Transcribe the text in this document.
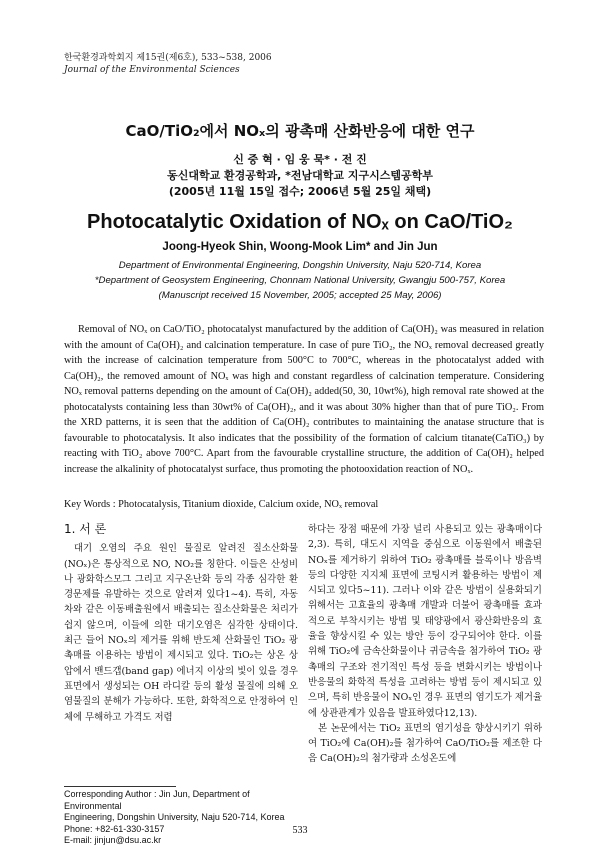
한국환경과학회지 제15권(제6호), 533~538, 2006
Journal of the Environmental Sciences
CaO/TiO₂에서 NOₓ의 광촉매 산화반응에 대한 연구
신 중 혁 · 임 웅 묵* · 전 진
동신대학교 환경공학과, *전남대학교 지구시스템공학부
(2005년 11월 15일 접수; 2006년 5월 25일 채택)
Photocatalytic Oxidation of NOₓ on CaO/TiO₂
Joong-Hyeok Shin, Woong-Mook Lim* and Jin Jun
Department of Environmental Engineering, Dongshin University, Naju 520-714, Korea
*Department of Geosystem Engineering, Chonnam National University, Gwangju 500-757, Korea
(Manuscript received 15 November, 2005; accepted 25 May, 2006)

Removal of NOₓ on CaO/TiO₂ photocatalyst manufactured by the addition of Ca(OH)₂ was measured in relation with the amount of Ca(OH)₂ and calcination temperature. In case of pure TiO₂, the NOₓ removal decreased greatly with the increase of calcination temperature from 500°C to 700°C, whereas in the photocatalyst added with Ca(OH)₂, the removed amount of NOₓ was high and constant regardless of calcination temperature. Considering NOₓ removal patterns depending on the amount of Ca(OH)₂ added(50, 30, 10wt%), high removal rate showed at the photocatalysts containing less than 30wt% of Ca(OH)₂, and it was about 30% higher than that of pure TiO₂. From the XRD patterns, it is seen that the addition of Ca(OH)₂ contributes to maintaining the anatase structure that is favourable to photocatalysis. It also indicates that the possibility of the formation of calcium titanate(CaTiO₃) by reacting with TiO₂ above 700°C. Apart from the favourable crystalline structure, the addition of Ca(OH)₂ helped increase the alkalinity of photocatalyst surface, thus promoting the photooxidation reaction of NOₓ.

Key Words : Photocatalysis, Titanium dioxide, Calcium oxide, NOₓ removal
1. 서 론

대기 오염의 주요 원인 물질로 알려진 질소산화물(NOₓ)은 통상적으로 NO, NO₂를 칭한다. 이들은 산성비나 광화학스모그 그리고 지구온난화 등의 각종 심각한 환경문제를 유발하는 것으로 알려져 있다1~4). 특히, 자동차와 같은 이동배출원에서 배출되는 질소산화물은 처리가 쉽지 않으며, 이들에 의한 대기오염은 심각한 상태이다. 최근 들어 NOₓ의 제거를 위해 반도체 산화물인 TiO₂ 광촉매를 이용하는 방법이 제시되고 있다. TiO₂는 상온 상압에서 밴드갭(band gap) 에너지 이상의 빛이 있을 경우 표면에서 생성되는 OH 라디칼 등의 활성 물질에 의해 오염물질의 분해가 가능하다. 또한, 화학적으로 안정하여 인체에 무해하고 가격도 저렴

하다는 장점 때문에 가장 널리 사용되고 있는 광촉매이다2,3). 특히, 대도시 지역을 중심으로 이동원에서 배출된 NOₓ를 제거하기 위하여 TiO₂ 광촉매를 블록이나 방음벽 등의 다양한 지지체 표면에 코팅시켜 활용하는 방법이 제시되고 있다5~11). 그러나 이와 같은 방법이 실용화되기 위해서는 고효율의 광촉매 개발과 더불어 광촉매를 효과적으로 부착시키는 방법 및 태양광에서 광산화반응의 효율을 향상시킬 수 있는 방안 등이 강구되어야 한다. 이를 위해 TiO₂에 금속산화물이나 귀금속을 첨가하여 TiO₂ 광촉매의 구조와 전기적인 특성 등을 변화시키는 방법이나 반응물의 화학적 특성을 고려하는 방법 등이 제시되고 있으며, 특히 반응물이 NOₓ인 경우 표면의 염기도가 제거율에 상관관계가 있음을 발표하였다12,13).

본 논문에서는 TiO₂ 표면의 염기성을 향상시키기 위하여 TiO₂에 Ca(OH)₂를 첨가하여 CaO/TiO₂를 제조한 다음 Ca(OH)₂의 첨가량과 소성온도에

Corresponding Author : Jin Jun, Department of Environmental
Engineering, Dongshin University, Naju 520-714, Korea
Phone: +82-61-330-3157
E-mail: jinjun@dsu.ac.kr
533
